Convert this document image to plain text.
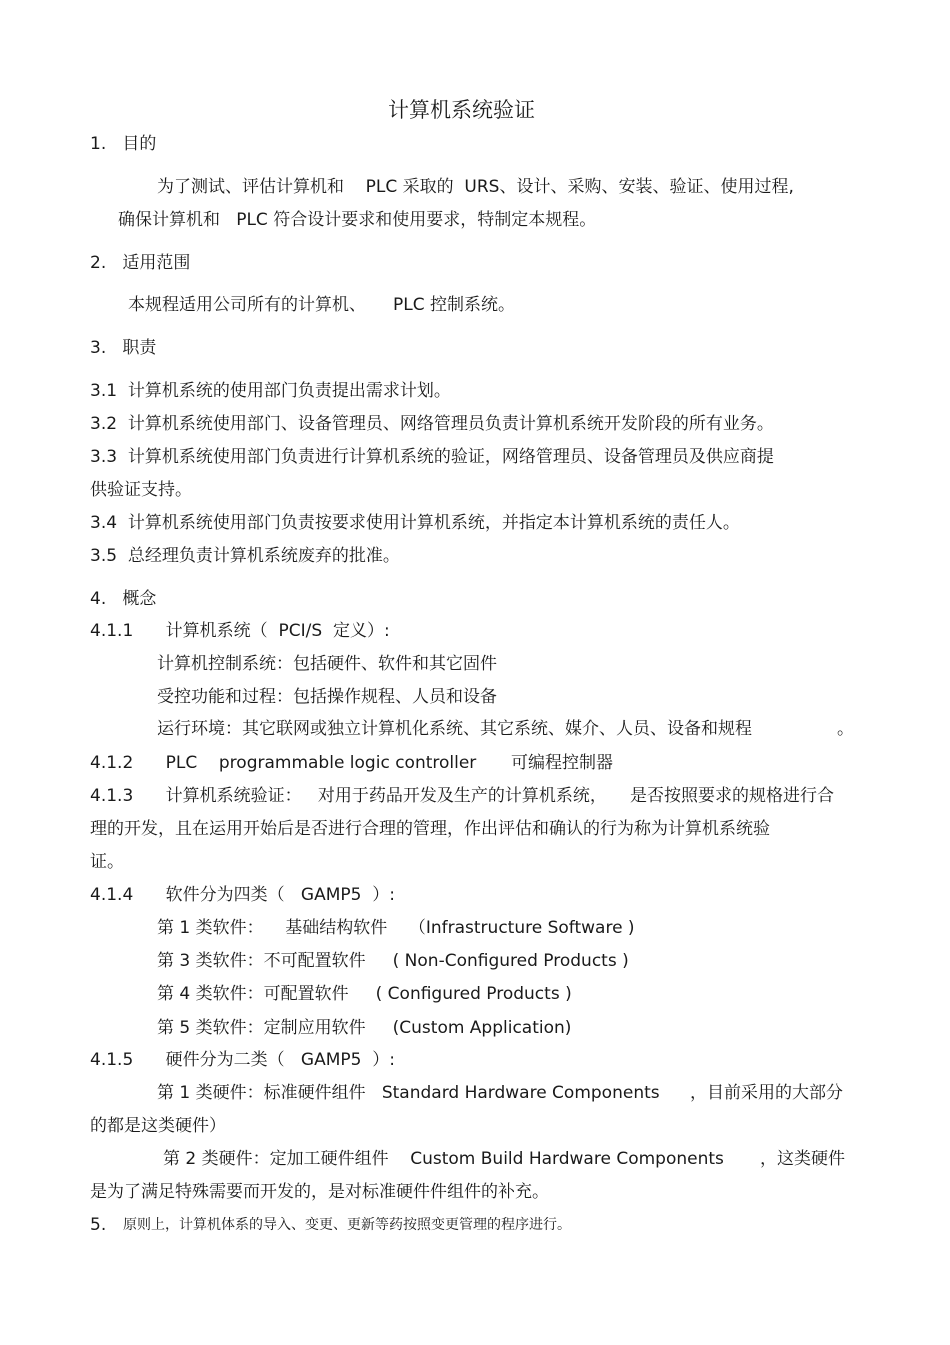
计算机系统验证

1.   目的

为了测试、评估计算机和    PLC 采取的  URS、设计、采购、安装、验证、使用过程,

确保计算机和   PLC 符合设计要求和使用要求，特制定本规程。

2.   适用范围

本规程适用公司所有的计算机、     PLC 控制系统。

3.   职责

3.1  计算机系统的使用部门负责提出需求计划。

3.2  计算机系统使用部门、设备管理员、网络管理员负责计算机系统开发阶段的所有业务。

3.3  计算机系统使用部门负责进行计算机系统的验证，网络管理员、设备管理员及供应商提

供验证支持。

3.4  计算机系统使用部门负责按要求使用计算机系统，并指定本计算机系统的责任人。

3.5  总经理负责计算机系统废弃的批准。

4.   概念

4.1.1      计算机系统（  PCI/S  定义）:

计算机控制系统：包括硬件、软件和其它固件

受控功能和过程：包括操作规程、人员和设备

运行环境：其它联网或独立计算机化系统、其它系统、媒介、人员、设备和规程	。

4.1.2      PLC    programmable logic controller 可编程控制器

4.1.3      计算机系统验证：   对用于药品开发及生产的计算机系统， 是否按照要求的规格进行合

理的开发，且在运用开始后是否进行合理的管理，作出评估和确认的行为称为计算机系统验

证。

4.1.4      软件分为四类（   GAMP5  ）:

第 1 类软件：    基础结构软件    （Infrastructure Software )

第 3 类软件：不可配置软件     ( Non-Configured Products )

第 4 类软件：可配置软件     ( Configured Products )

第 5 类软件：定制应用软件     (Custom Application)

4.1.5      硬件分为二类（   GAMP5  ）:

第 1 类硬件：标准硬件组件   Standard Hardware Components ，目前采用的大部分

的都是这类硬件）

第 2 类硬件：定加工硬件组件    Custom Build Hardware Components ，这类硬件

是为了满足特殊需要而开发的，是对标准硬件件组件的补充。

5. 原则上，计算机体系的导入、变更、更新等药按照变更管理的程序进行。
